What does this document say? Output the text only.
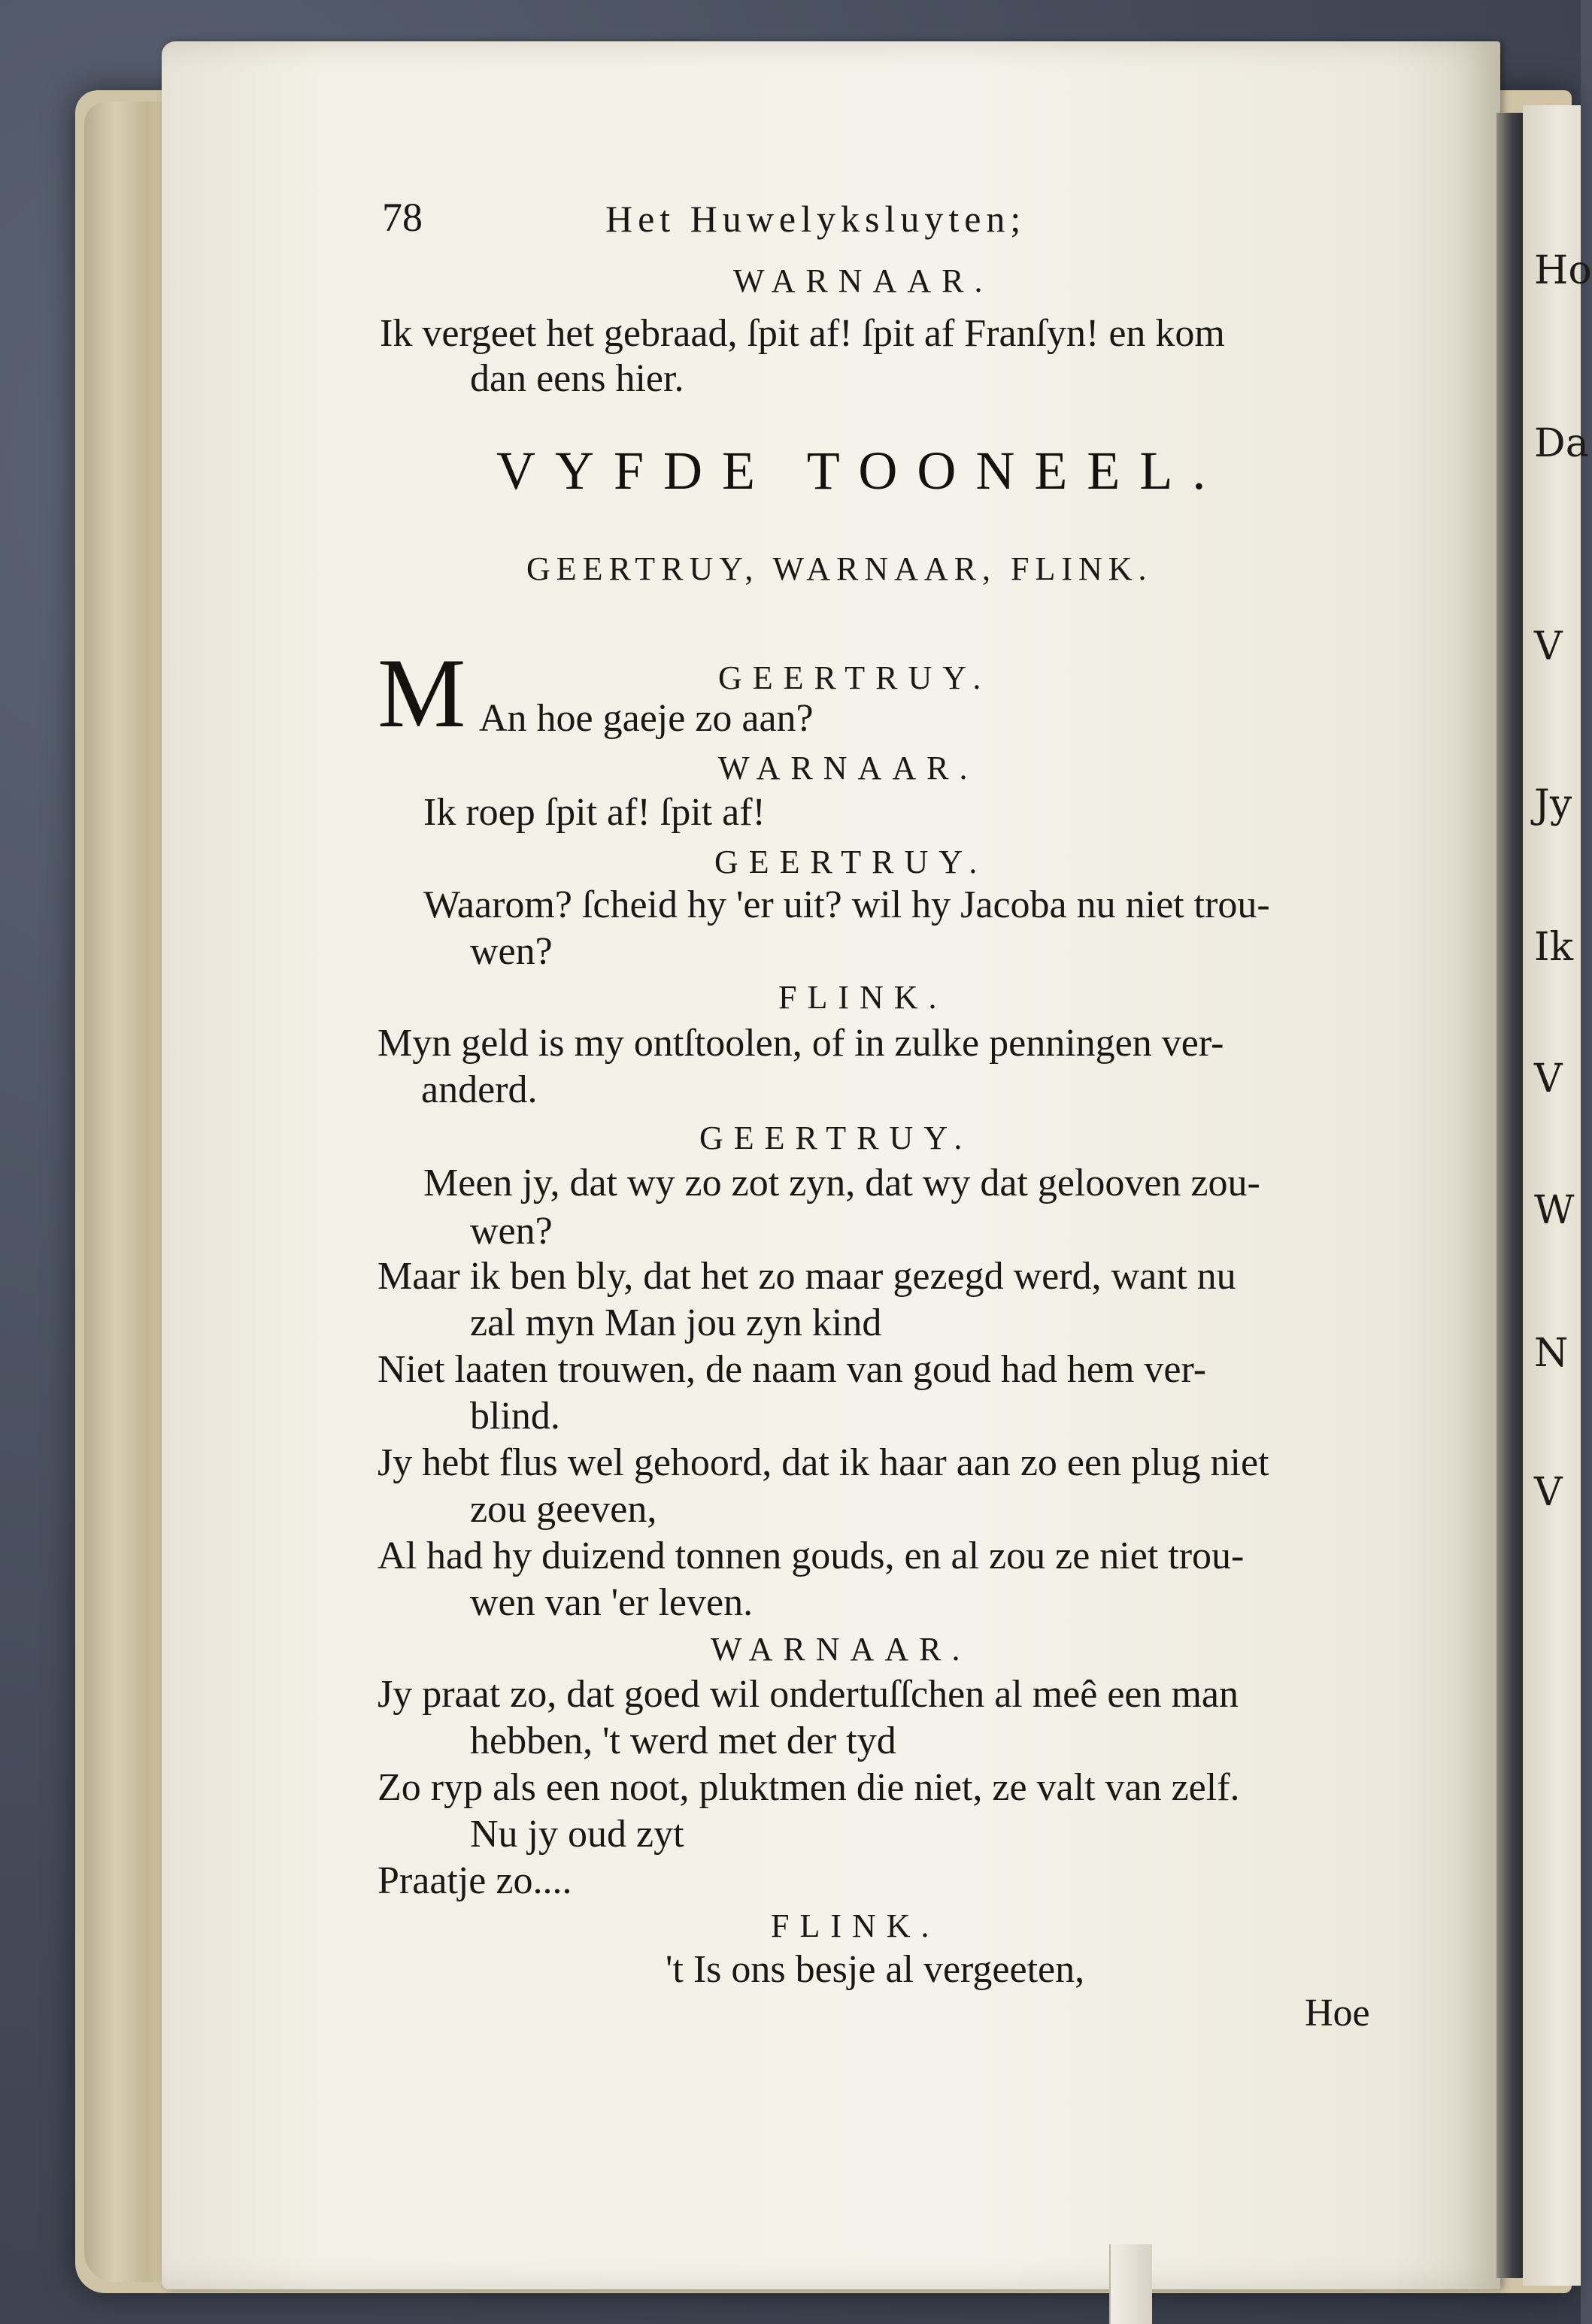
Ho
Da
V
Jy
Ik
V
W
N
V
78	Het Huwelyksluyten;
WARNAAR.
Ik vergeet het gebraad, ſpit af! ſpit af Franſyn! en kom
dan eens hier.
VYFDE TOONEEL.
GEERTRUY, WARNAAR, FLINK.
GEERTRUY.
M An hoe gaeje zo aan?
WARNAAR.
Ik roep ſpit af! ſpit af!
GEERTRUY.
Waarom? ſcheid hy 'er uit? wil hy Jacoba nu niet trou-
wen?
FLINK.
Myn geld is my ontſtoolen, of in zulke penningen ver-
anderd.
GEERTRUY.
Meen jy, dat wy zo zot zyn, dat wy dat gelooven zou-
wen?
Maar ik ben bly, dat het zo maar gezegd werd, want nu
zal myn Man jou zyn kind
Niet laaten trouwen, de naam van goud had hem ver-
blind.
Jy hebt flus wel gehoord, dat ik haar aan zo een plug niet
zou geeven,
Al had hy duizend tonnen gouds, en al zou ze niet trou-
wen van 'er leven.
WARNAAR.
Jy praat zo, dat goed wil ondertuſſchen al meê een man
hebben, 't werd met der tyd
Zo ryp als een noot, pluktmen die niet, ze valt van zelf.
Nu jy oud zyt
Praatje zo....
FLINK.
't Is ons besje al vergeeten,
Hoe
